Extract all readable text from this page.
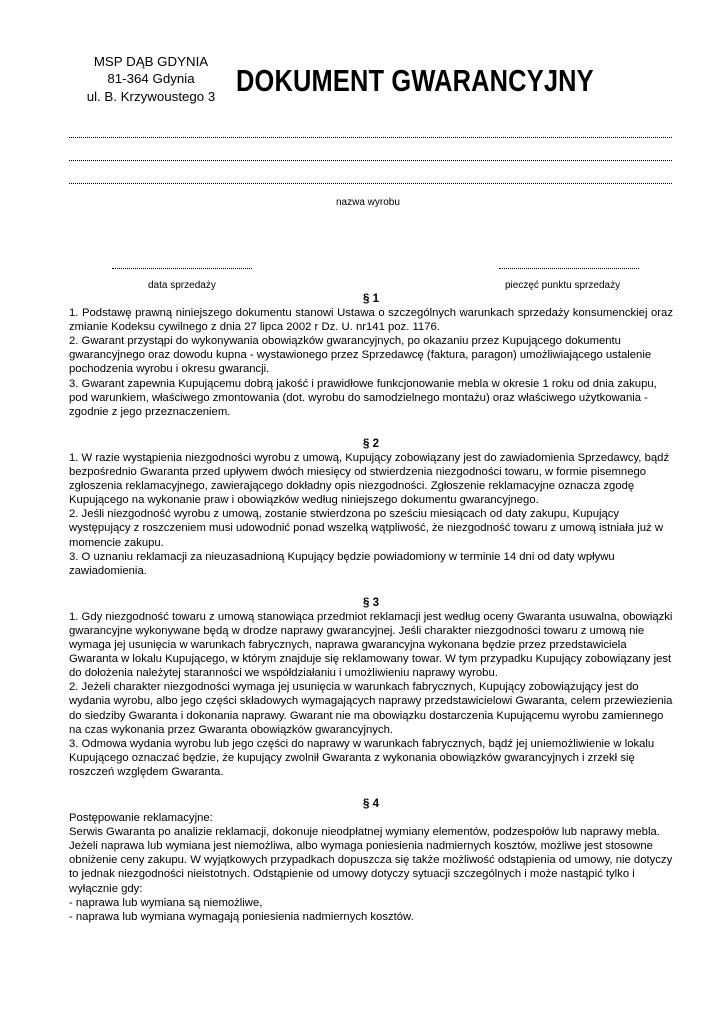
MSP DĄB GDYNIA
81-364 Gdynia
ul. B. Krzywoustego 3 DOKUMENT GWARANCYJNY
nazwa wyrobu
data sprzedaży	pieczęć punktu sprzedaży
§ 1

1. Podstawę prawną niniejszego dokumentu stanowi Ustawa o szczególnych warunkach sprzedaży konsumenckiej oraz zmianie Kodeksu cywilnego z dnia 27 lipca 2002 r Dz. U. nr141 poz. 1176.

2. Gwarant przystąpi do wykonywania obowiązków gwarancyjnych, po okazaniu przez Kupującego dokumentu gwarancyjnego oraz dowodu kupna - wystawionego przez Sprzedawcę (faktura, paragon) umożliwiającego ustalenie pochodzenia wyrobu i okresu gwarancji.

3. Gwarant zapewnia Kupującemu dobrą jakość i prawidłowe funkcjonowanie mebla w okresie 1 roku od dnia zakupu, pod warunkiem, właściwego zmontowania (dot. wyrobu do samodzielnego montażu) oraz właściwego użytkowania - zgodnie z jego przeznaczeniem.

§ 2

1. W razie wystąpienia niezgodności wyrobu z umową, Kupujący zobowiązany jest do zawiadomienia Sprzedawcy, bądź bezpośrednio Gwaranta przed upływem dwóch miesięcy od stwierdzenia niezgodności towaru, w formie pisemnego zgłoszenia reklamacyjnego, zawierającego dokładny opis niezgodności. Zgłoszenie reklamacyjne oznacza zgodę Kupującego na wykonanie praw i obowiązków według niniejszego dokumentu gwarancyjnego.

2. Jeśli niezgodność wyrobu z umową, zostanie stwierdzona po sześciu miesiącach od daty zakupu, Kupujący występujący z roszczeniem musi udowodnić ponad wszelką wątpliwość, że niezgodność towaru z umową istniała już w momencie zakupu.

3. O uznaniu reklamacji za nieuzasadnioną Kupujący będzie powiadomiony w terminie 14 dni od daty wpływu zawiadomienia.

§ 3

1. Gdy niezgodność towaru z umową stanowiąca przedmiot reklamacji jest według oceny Gwaranta usuwalna, obowiązki gwarancyjne wykonywane będą w drodze naprawy gwarancyjnej. Jeśli charakter niezgodności towaru z umową nie wymaga jej usunięcia w warunkach fabrycznych, naprawa gwarancyjna wykonana będzie przez przedstawiciela Gwaranta w lokalu Kupującego, w którym znajduje się reklamowany towar. W tym przypadku Kupujący zobowiązany jest do dołożenia należytej staranności we współdziałaniu i umożliwieniu naprawy wyrobu.

2. Jeżeli charakter niezgodności wymaga jej usunięcia w warunkach fabrycznych, Kupujący zobowiązujący jest do wydania wyrobu, albo jego części składowych wymagających naprawy przedstawicielowi Gwaranta, celem przewiezienia do siedziby Gwaranta i dokonania naprawy. Gwarant nie ma obowiązku dostarczenia Kupującemu wyrobu zamiennego na czas wykonania przez Gwaranta obowiązków gwarancyjnych.

3. Odmowa wydania wyrobu lub jego części do naprawy w warunkach fabrycznych, bądź jej uniemożliwienie w lokalu Kupującego oznaczać będzie, że kupujący zwolnił Gwaranta z wykonania obowiązków gwarancyjnych i zrzekł się roszczeń względem Gwaranta.

§ 4

Postępowanie reklamacyjne:

Serwis Gwaranta po analizie reklamacji, dokonuje nieodpłatnej wymiany elementów, podzespołów lub naprawy mebla. Jeżeli naprawa lub wymiana jest niemożliwa, albo wymaga poniesienia nadmiernych kosztów, możliwe jest stosowne obniżenie ceny zakupu. W wyjątkowych przypadkach dopuszcza się także możliwość odstąpienia od umowy, nie dotyczy to jednak niezgodności nieistotnych. Odstąpienie od umowy dotyczy sytuacji szczególnych i może nastąpić tylko i wyłącznie gdy:

- naprawa lub wymiana są niemożliwe,

- naprawa lub wymiana wymagają poniesienia nadmiernych kosztów.
